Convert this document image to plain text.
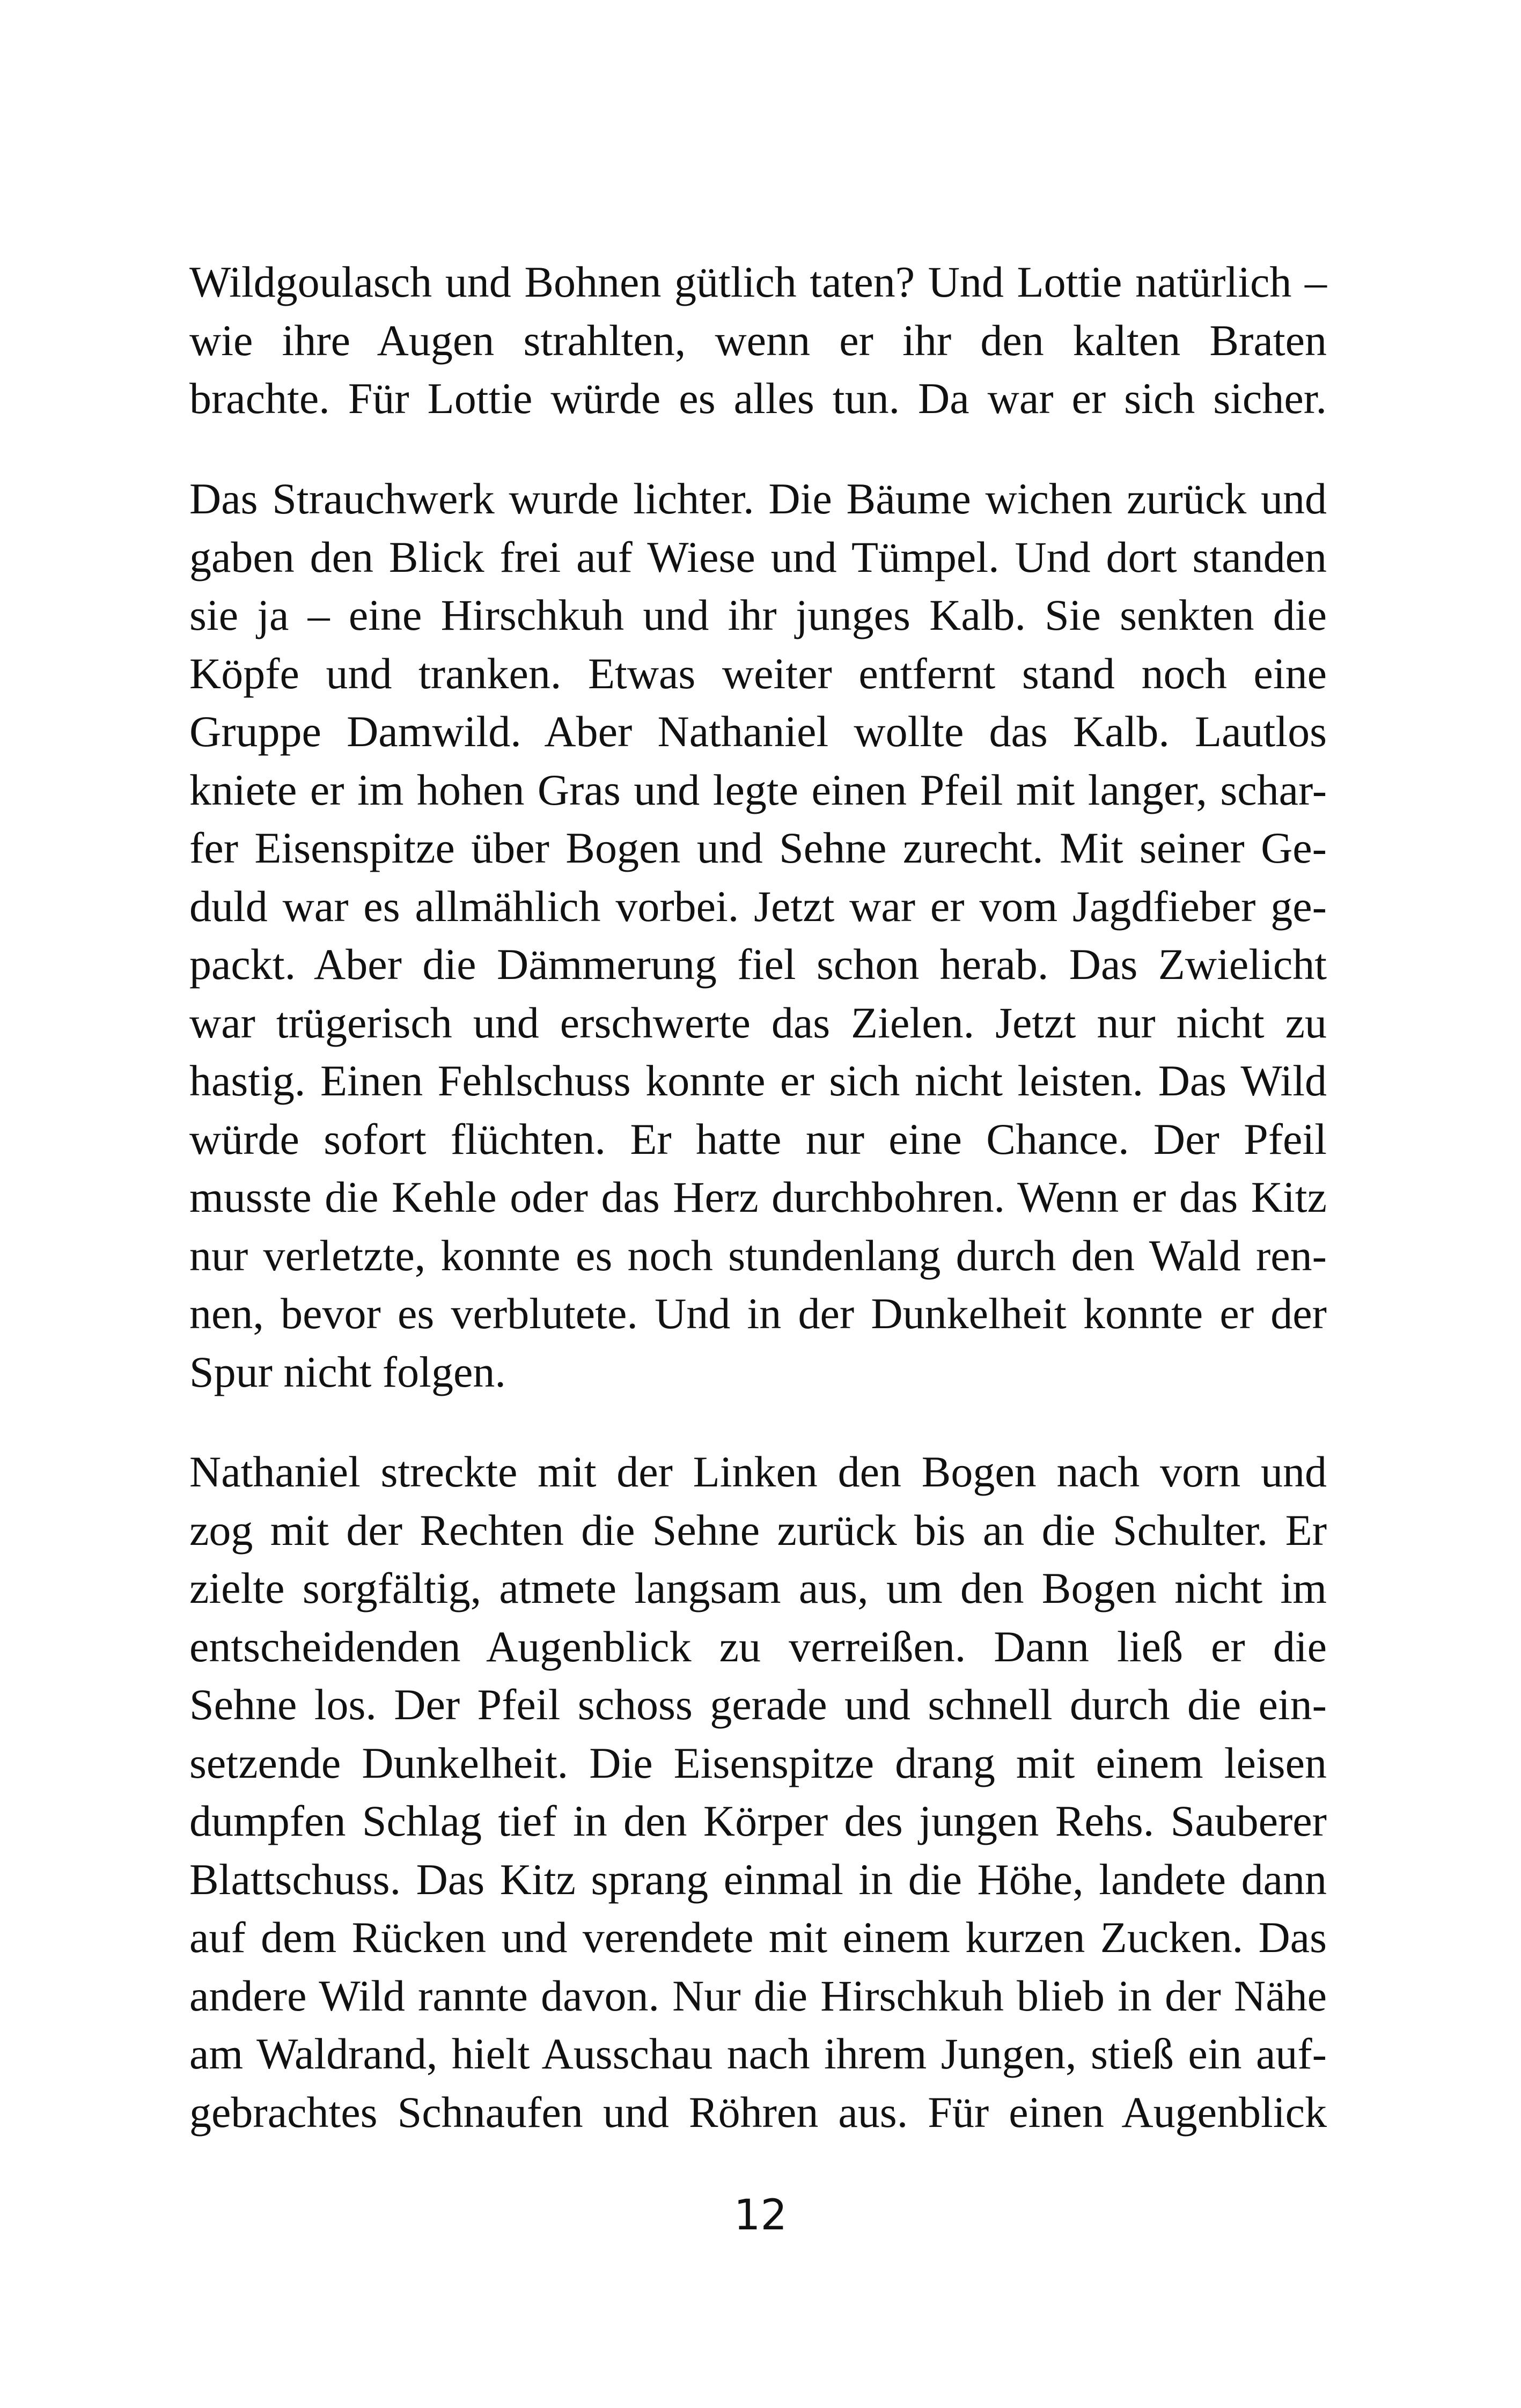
Wildgoulasch und Bohnen gütlich taten? Und Lottie natürlich –
wie ihre Augen strahlten, wenn er ihr den kalten Braten
brachte. Für Lottie würde es alles tun. Da war er sich sicher.
Das Strauchwerk wurde lichter. Die Bäume wichen zurück und
gaben den Blick frei auf Wiese und Tümpel. Und dort standen
sie ja – eine Hirschkuh und ihr junges Kalb. Sie senkten die
Köpfe und tranken. Etwas weiter entfernt stand noch eine
Gruppe Damwild. Aber Nathaniel wollte das Kalb. Lautlos
kniete er im hohen Gras und legte einen Pfeil mit langer, schar-
fer Eisenspitze über Bogen und Sehne zurecht. Mit seiner Ge-
duld war es allmählich vorbei. Jetzt war er vom Jagdfieber ge-
packt. Aber die Dämmerung fiel schon herab. Das Zwielicht
war trügerisch und erschwerte das Zielen. Jetzt nur nicht zu
hastig. Einen Fehlschuss konnte er sich nicht leisten. Das Wild
würde sofort flüchten. Er hatte nur eine Chance. Der Pfeil
musste die Kehle oder das Herz durchbohren. Wenn er das Kitz
nur verletzte, konnte es noch stundenlang durch den Wald ren-
nen, bevor es verblutete. Und in der Dunkelheit konnte er der
Spur nicht folgen.
Nathaniel streckte mit der Linken den Bogen nach vorn und
zog mit der Rechten die Sehne zurück bis an die Schulter. Er
zielte sorgfältig, atmete langsam aus, um den Bogen nicht im
entscheidenden Augenblick zu verreißen. Dann ließ er die
Sehne los. Der Pfeil schoss gerade und schnell durch die ein-
setzende Dunkelheit. Die Eisenspitze drang mit einem leisen
dumpfen Schlag tief in den Körper des jungen Rehs. Sauberer
Blattschuss. Das Kitz sprang einmal in die Höhe, landete dann
auf dem Rücken und verendete mit einem kurzen Zucken. Das
andere Wild rannte davon. Nur die Hirschkuh blieb in der Nähe
am Waldrand, hielt Ausschau nach ihrem Jungen, stieß ein auf-
gebrachtes Schnaufen und Röhren aus. Für einen Augenblick
12
